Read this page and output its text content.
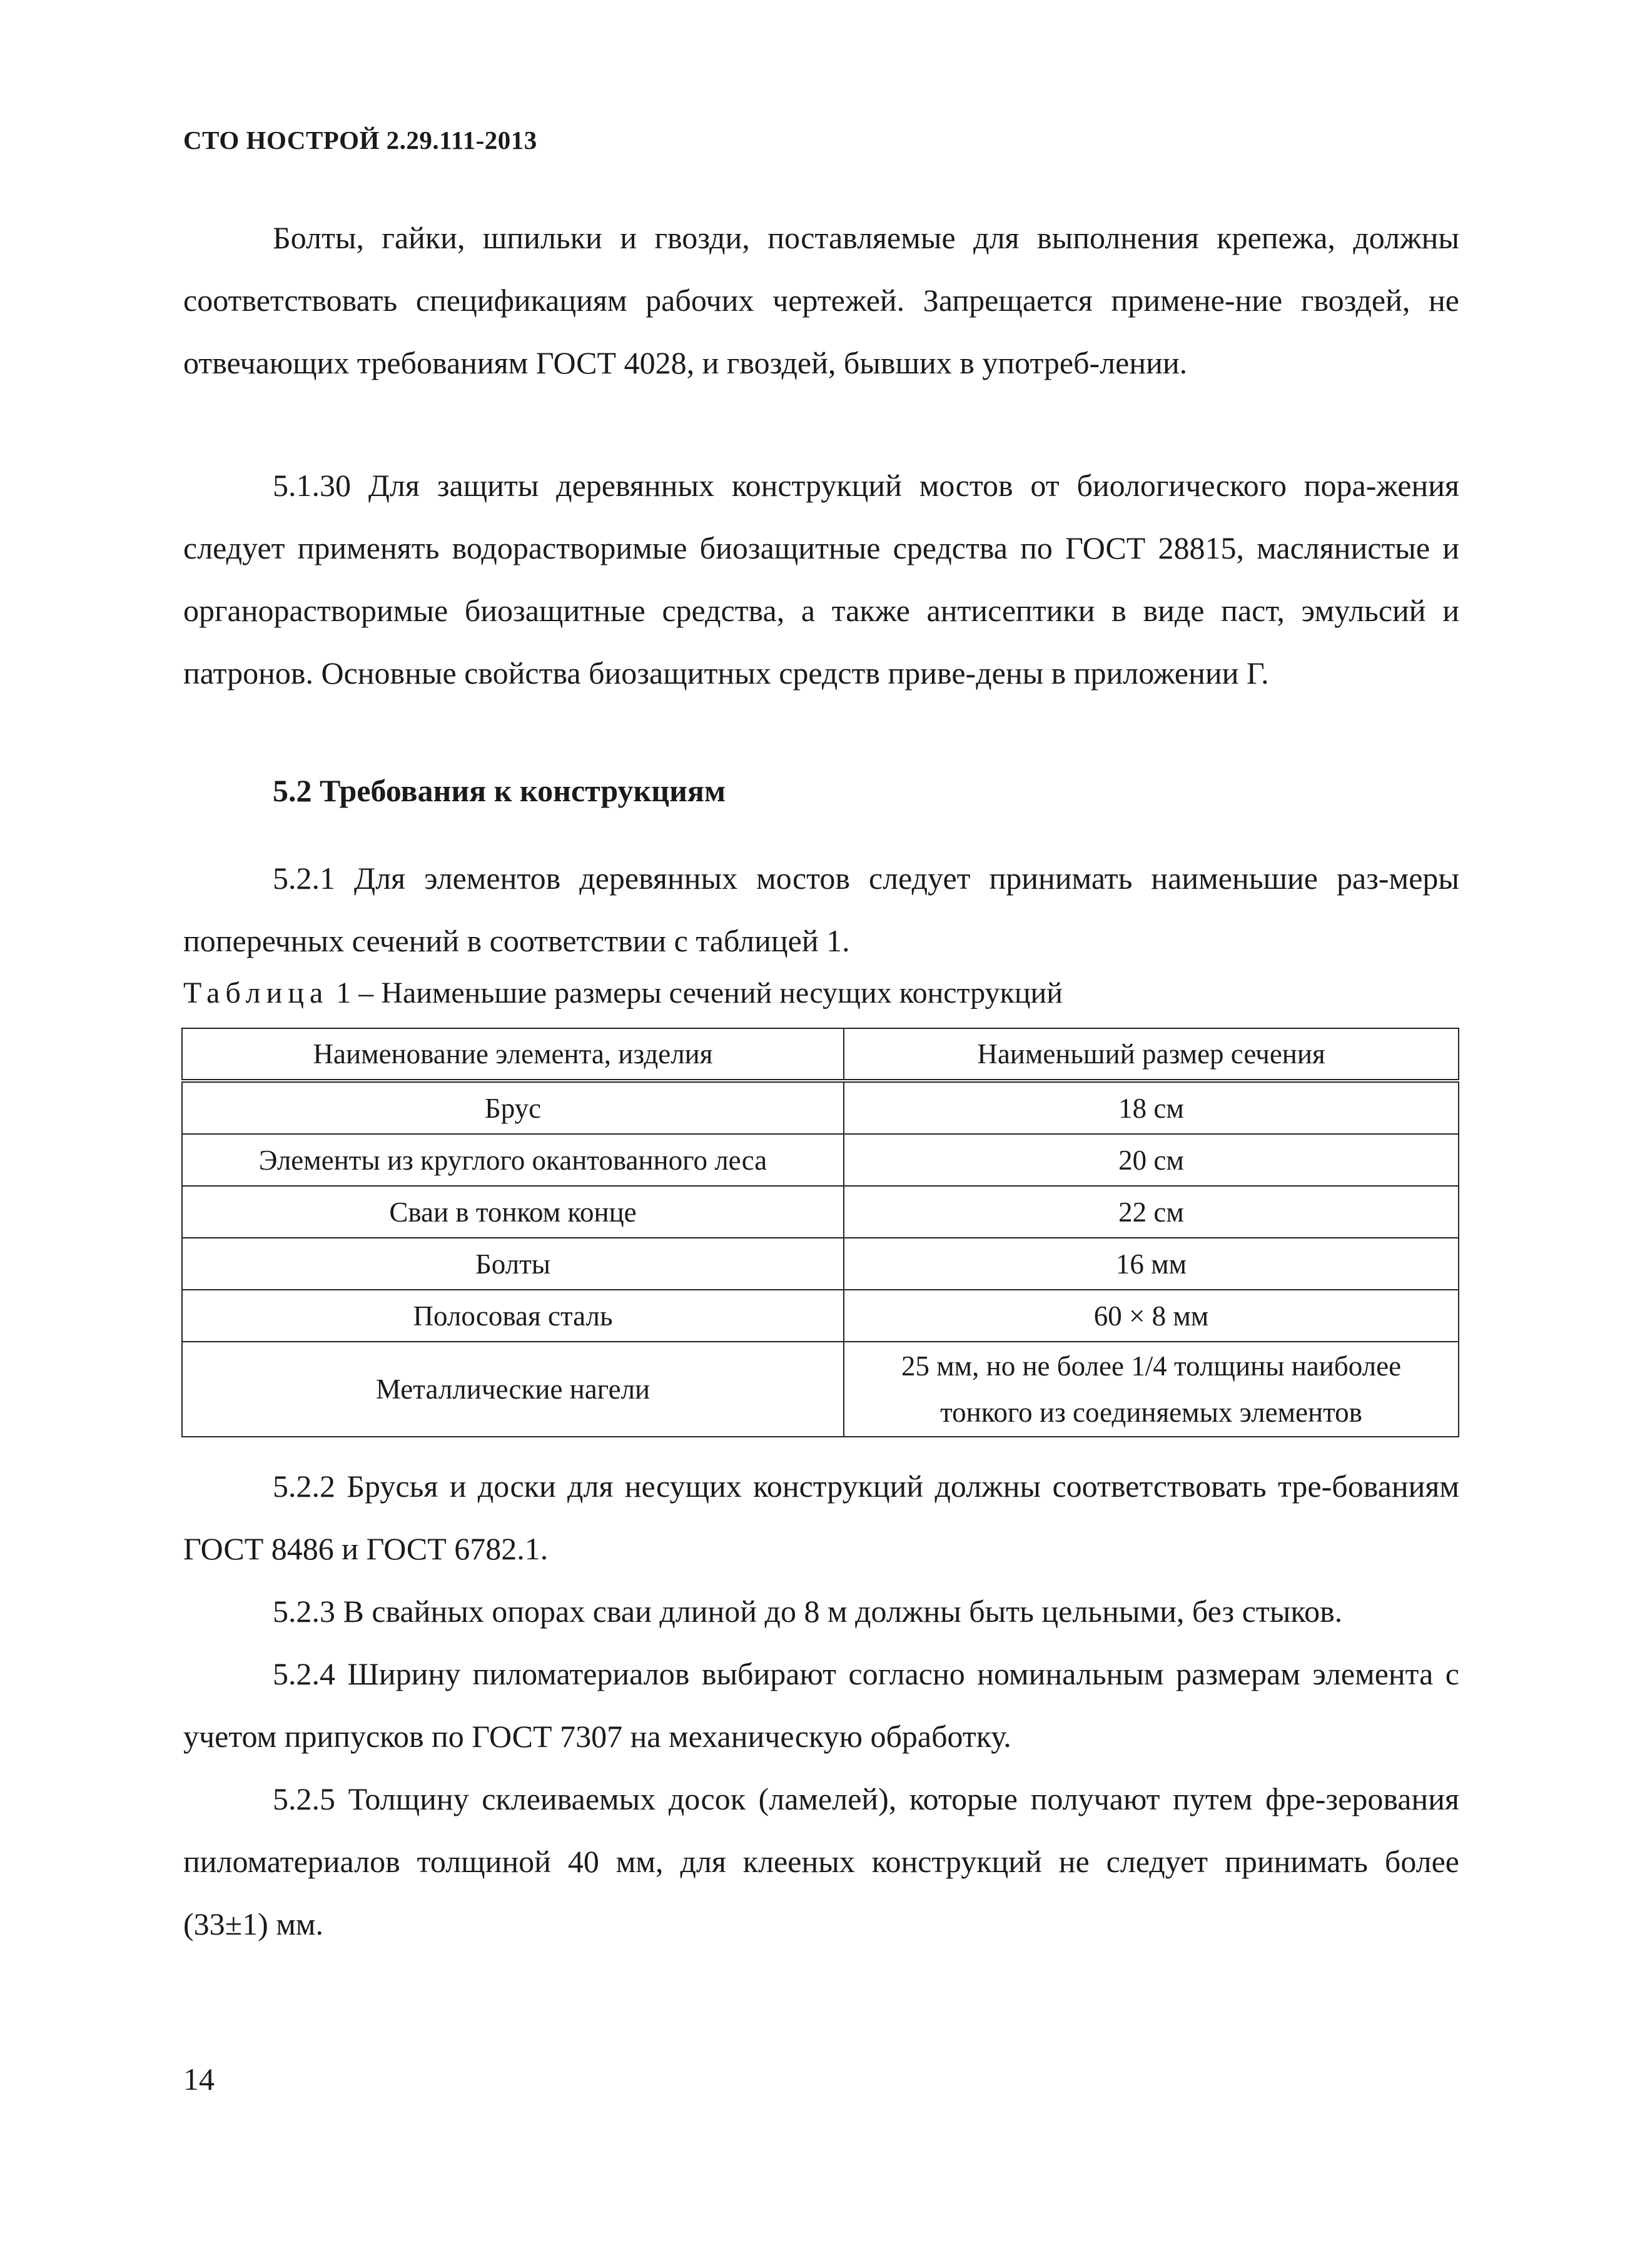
СТО НОСТРОЙ 2.29.111-2013

Болты, гайки, шпильки и гвозди, поставляемые для выполнения крепежа, должны соответствовать спецификациям рабочих чертежей. Запрещается примене-ние гвоздей, не отвечающих требованиям ГОСТ 4028, и гвоздей, бывших в употреб-лении.

5.1.30 Для защиты деревянных конструкций мостов от биологического пора-жения следует применять водорастворимые биозащитные средства по ГОСТ 28815, маслянистые и органорастворимые биозащитные средства, а также антисептики в виде паст, эмульсий и патронов. Основные свойства биозащитных средств приве-дены в приложении Г.

5.2 Требования к конструкциям

5.2.1 Для элементов деревянных мостов следует принимать наименьшие раз-меры поперечных сечений в соответствии с таблицей 1.

Таблица 1 – Наименьшие размеры сечений несущих конструкций
Наименование элемента, изделия	Наименьший размер сечения
Брус	18 см
Элементы из круглого окантованного леса	20 см
Сваи в тонком конце	22 см
Болты	16 мм
Полосовая сталь	60 × 8 мм
Металлические нагели	25 мм, но не более 1/4 толщины наиболее
тонкого из соединяемых элементов

5.2.2 Брусья и доски для несущих конструкций должны соответствовать тре-бованиям ГОСТ 8486 и ГОСТ 6782.1.

5.2.3 В свайных опорах сваи длиной до 8 м должны быть цельными, без стыков.

5.2.4 Ширину пиломатериалов выбирают согласно номинальным размерам элемента с учетом припусков по ГОСТ 7307 на механическую обработку.

5.2.5 Толщину склеиваемых досок (ламелей), которые получают путем фре-зерования пиломатериалов толщиной 40 мм, для клееных конструкций не следует принимать более (33±1) мм.

14
